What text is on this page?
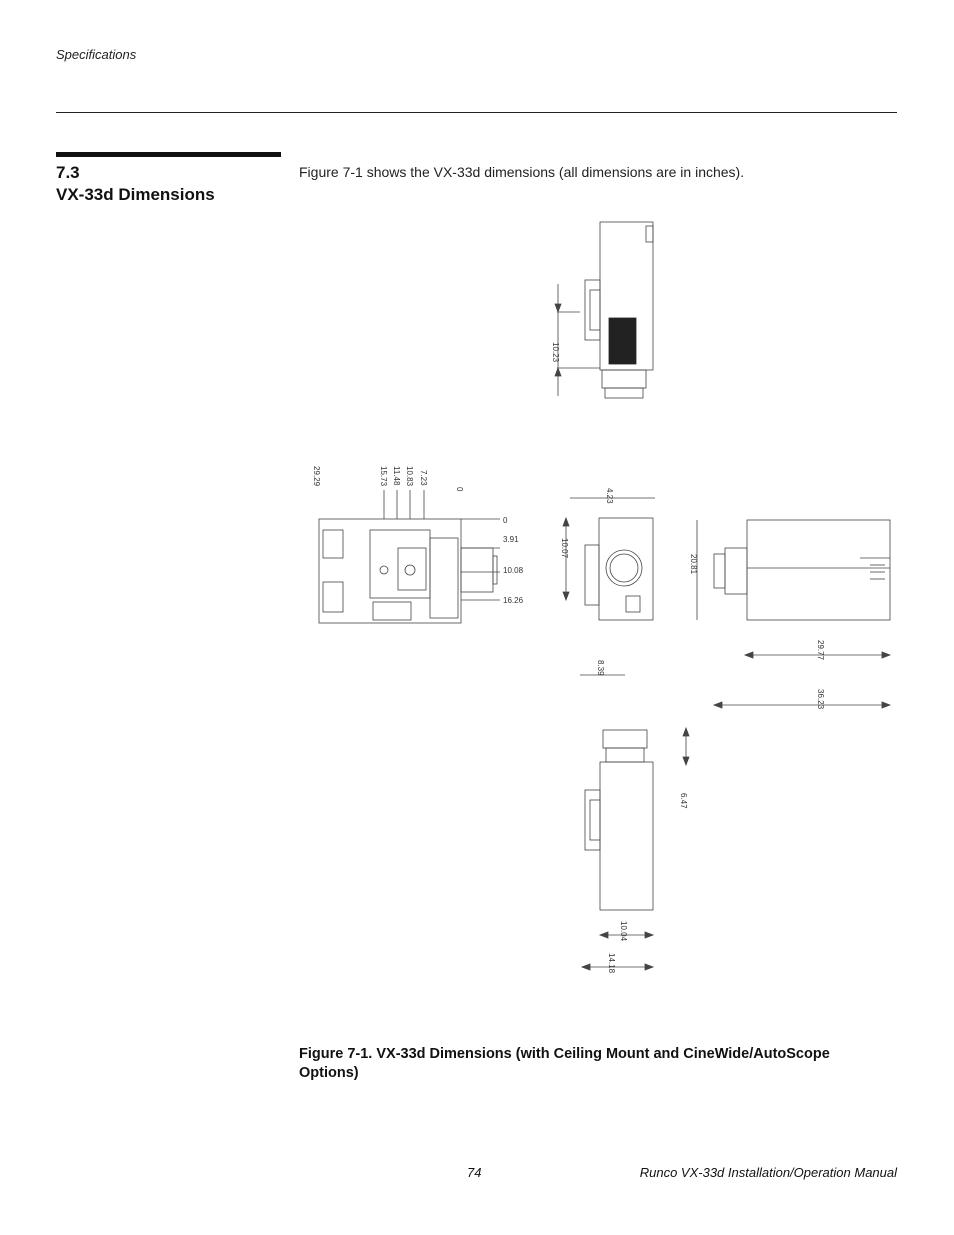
Specifications
7.3
VX-33d Dimensions
Figure 7-1 shows the VX-33d dimensions (all dimensions are in inches).
10.23
29.29	15.73 11.48 10.83 7.23
0
0
3.91
10.08
16.26
4.23
10.07
8.39
20.81
29.77
36.23
6.47
10.04
14.18
Figure 7-1. VX-33d Dimensions (with Ceiling Mount and CineWide/AutoScope Options)
74	Runco VX-33d Installation/Operation Manual
